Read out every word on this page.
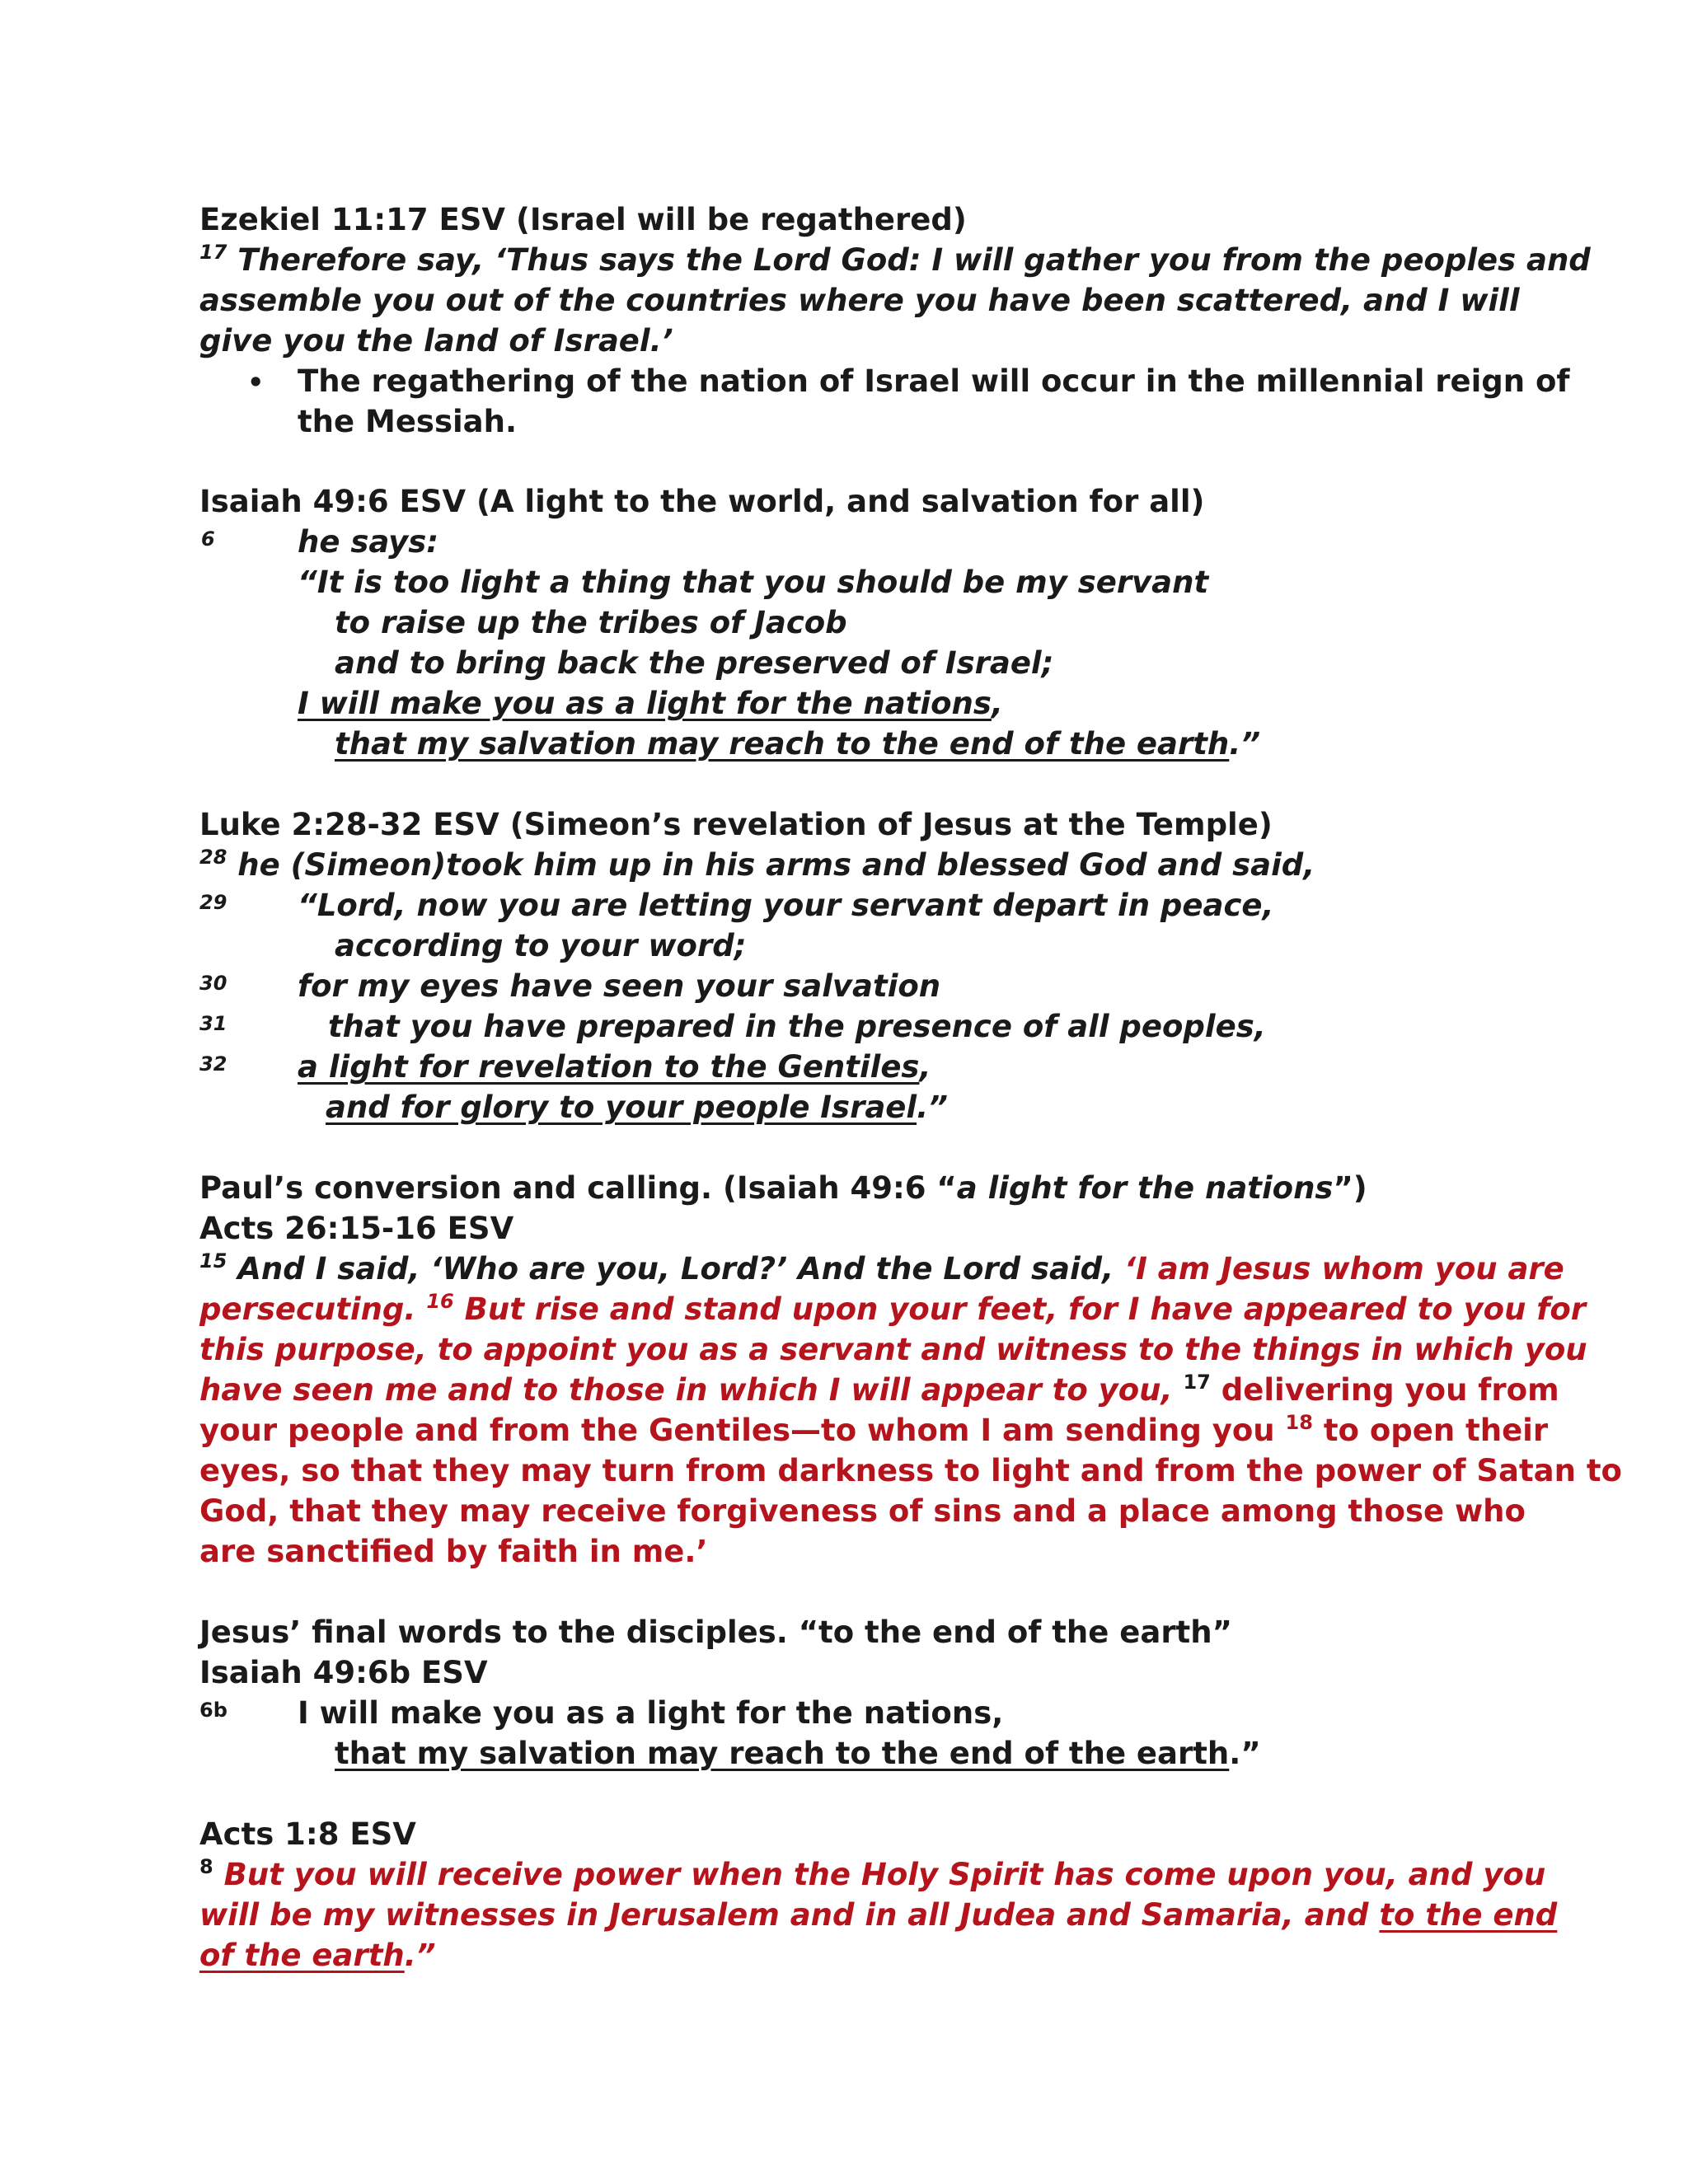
Ezekiel 11:17 ESV (Israel will be regathered)
$^{17}$ Therefore say, ‘Thus says the Lord God: I will gather you from the peoples and
assemble you out of the countries where you have been scattered, and I will
give you the land of Israel.’
• The regathering of the nation of Israel will occur in the millennial reign of
the Messiah.
Isaiah 49:6 ESV (A light to the world, and salvation for all)
6	he says:
“It is too light a thing that you should be my servant
to raise up the tribes of Jacob
and to bring back the preserved of Israel;
I will make you as a light for the nations,
that my salvation may reach to the end of the earth.”
Luke 2:28-32 ESV (Simeon’s revelation of Jesus at the Temple)
$^{28}$ he (Simeon)took him up in his arms and blessed God and said,
29 “Lord, now you are letting your servant depart in peace,
according to your word;
30 for my eyes have seen your salvation
31	that you have prepared in the presence of all peoples,
32 a light for revelation to the Gentiles,
and for glory to your people Israel.”
Paul’s conversion and calling. (Isaiah 49:6 “a light for the nations”)
Acts 26:15-16 ESV
$^{15}$ And I said, ‘Who are you, Lord?’ And the Lord said, ‘I am Jesus whom you are
persecuting. $^{16}$ But rise and stand upon your feet, for I have appeared to you for
this purpose, to appoint you as a servant and witness to the things in which you
have seen me and to those in which I will appear to you, $^{17}$ delivering you from
your people and from the Gentiles—to whom I am sending you $^{18}$ to open their
eyes, so that they may turn from darkness to light and from the power of Satan to
God, that they may receive forgiveness of sins and a place among those who
are sanctified by faith in me.’
Jesus’ final words to the disciples. “to the end of the earth”
Isaiah 49:6b ESV
6b I will make you as a light for the nations,
that my salvation may reach to the end of the earth.”
Acts 1:8 ESV
$^8$ But you will receive power when the Holy Spirit has come upon you, and you
will be my witnesses in Jerusalem and in all Judea and Samaria, and to the end
of the earth.”
